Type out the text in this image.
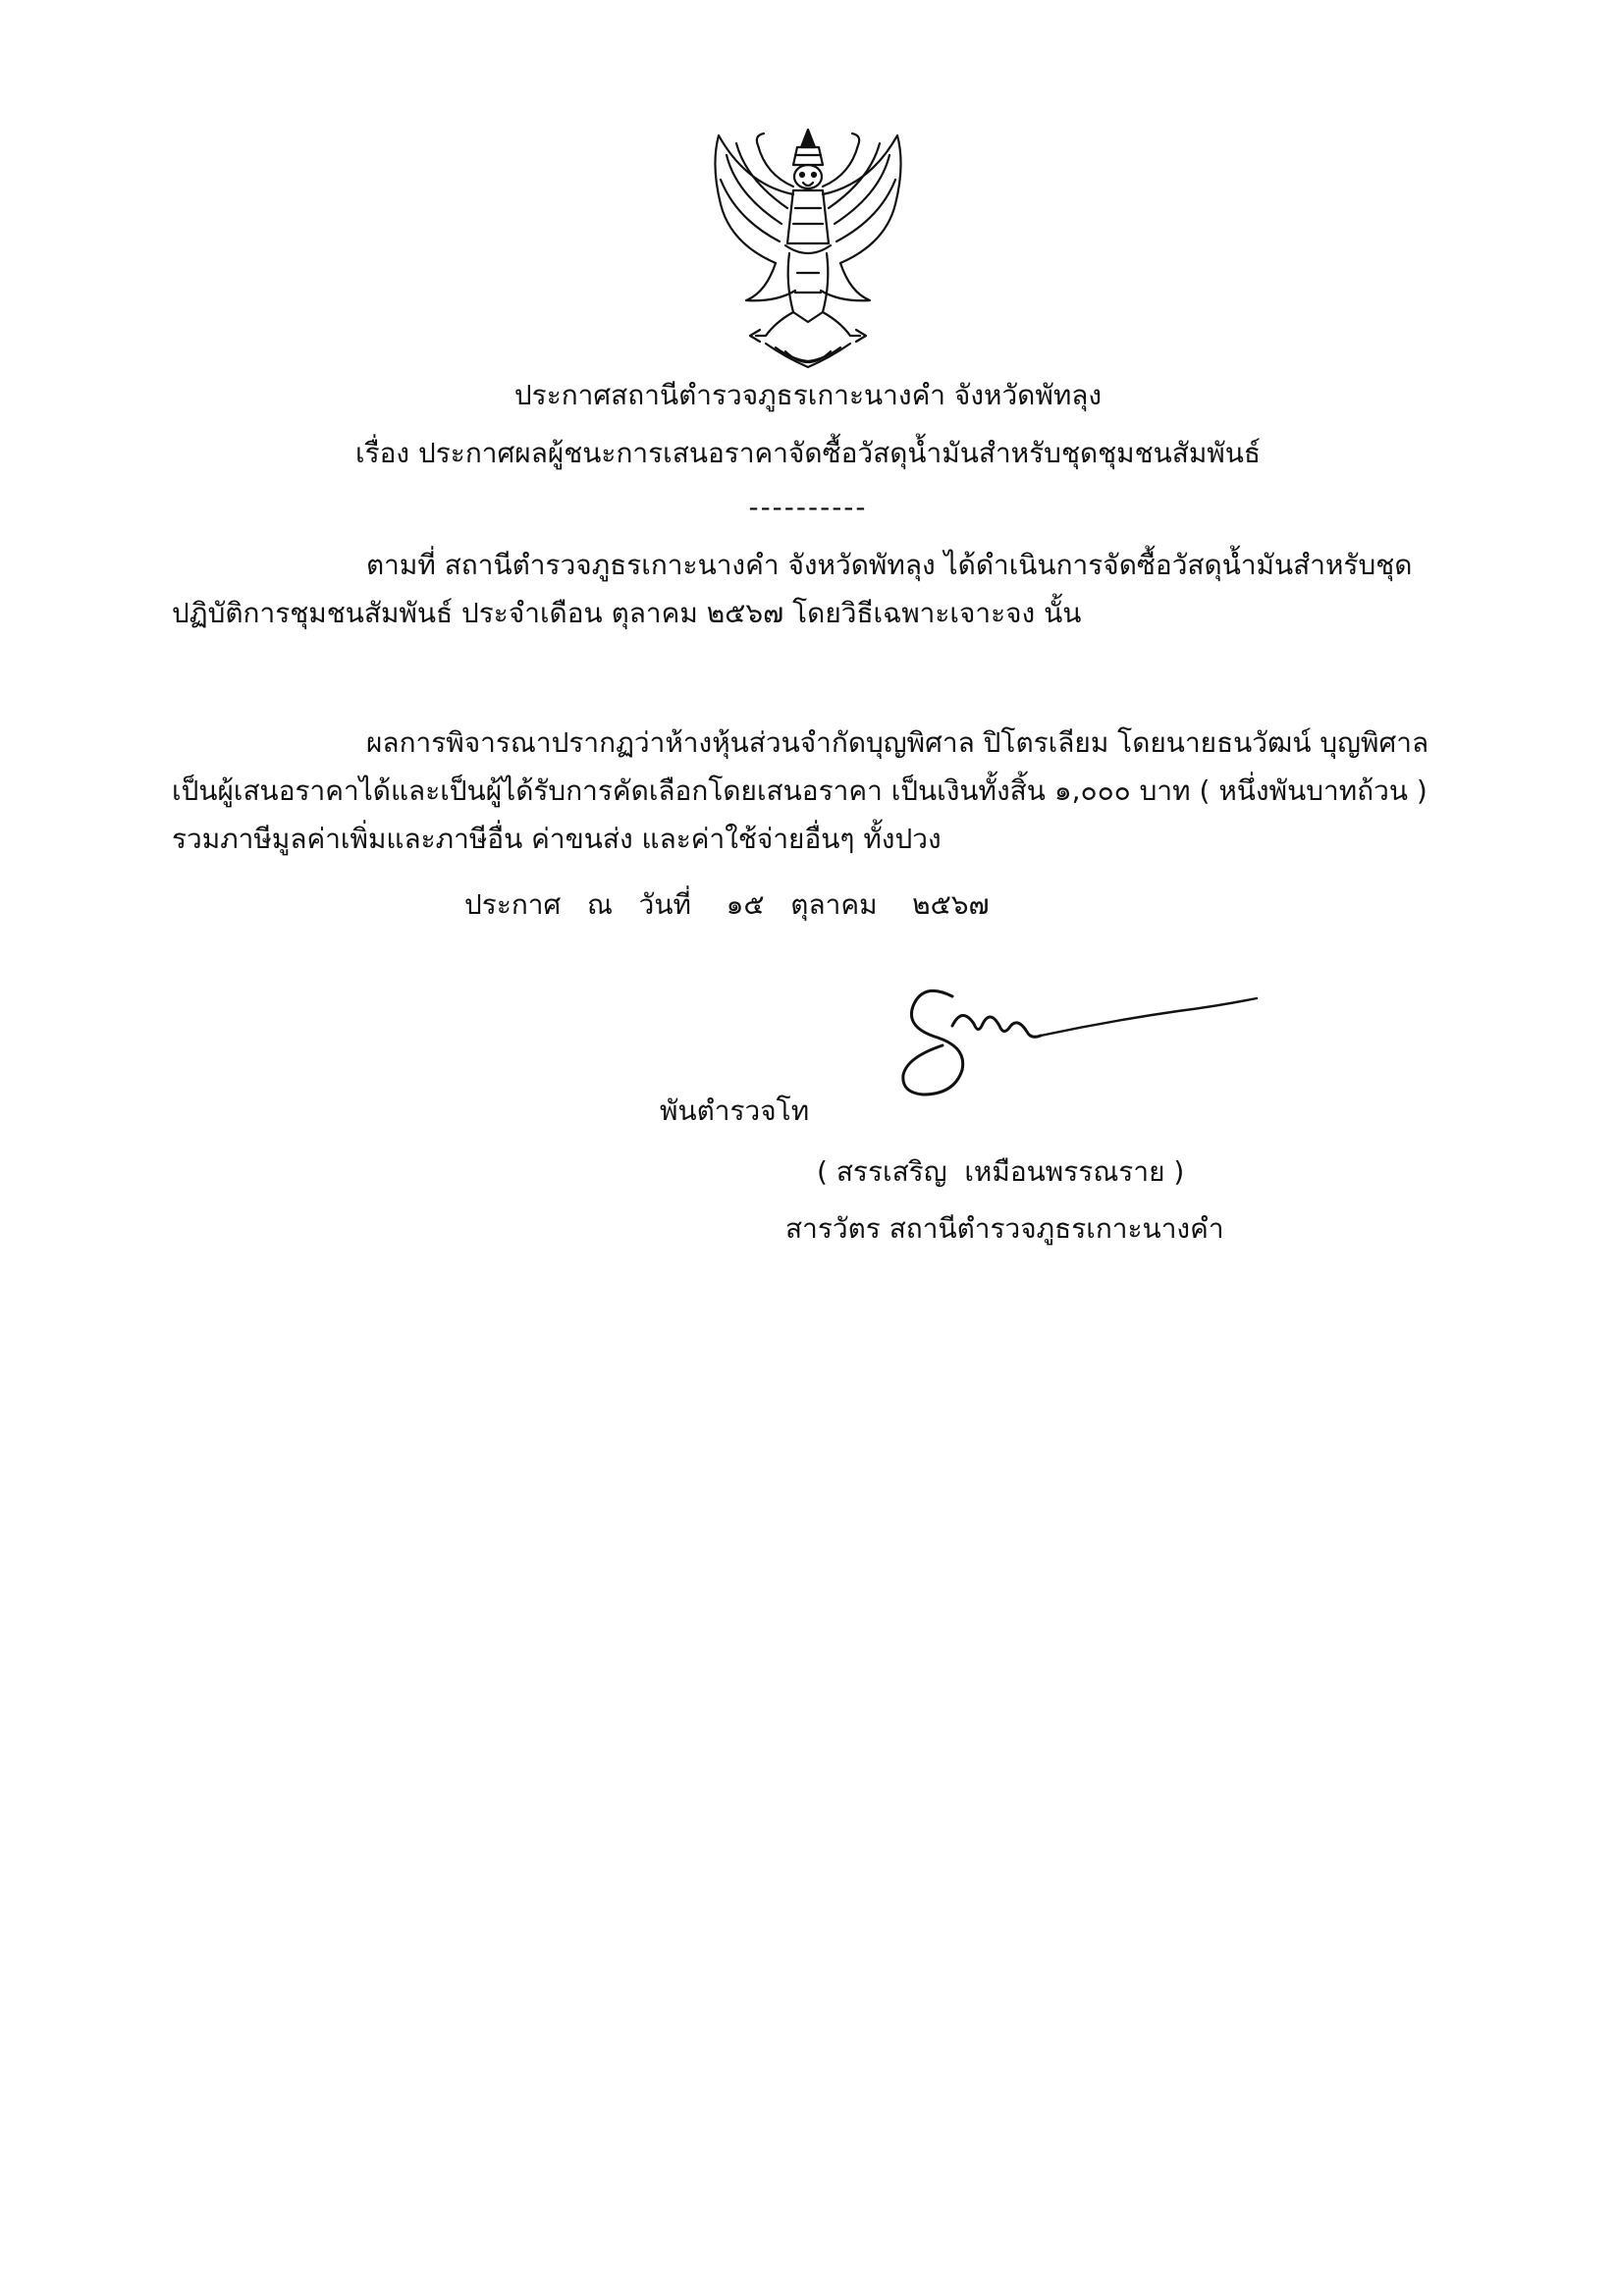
ประกาศสถานีตำรวจภูธรเกาะนางคำ จังหวัดพัทลุง
เรื่อง ประกาศผลผู้ชนะการเสนอราคาจัดซื้อวัสดุน้ำมันสำหรับชุดชุมชนสัมพันธ์
----------
ตามที่ สถานีตำรวจภูธรเกาะนางคำ จังหวัดพัทลุง ได้ดำเนินการจัดซื้อวัสดุน้ำมันสำหรับชุด
ปฏิบัติการชุมชนสัมพันธ์ ประจำเดือน ตุลาคม ๒๕๖๗ โดยวิธีเฉพาะเจาะจง นั้น
ผลการพิจารณาปรากฏว่าห้างหุ้นส่วนจำกัดบุญพิศาล ปิโตรเลียม โดยนายธนวัฒน์ บุญพิศาล
เป็นผู้เสนอราคาได้และเป็นผู้ได้รับการคัดเลือกโดยเสนอราคา เป็นเงินทั้งสิ้น ๑,๐๐๐ บาท ( หนึ่งพันบาทถ้วน )
รวมภาษีมูลค่าเพิ่มและภาษีอื่น ค่าขนส่ง และค่าใช้จ่ายอื่นๆ ทั้งปวง
ประกาศ   ณ   วันที่    ๑๕   ตุลาคม    ๒๕๖๗
พันตำรวจโท
( สรรเสริญ  เหมือนพรรณราย )
สารวัตร สถานีตำรวจภูธรเกาะนางคำ
